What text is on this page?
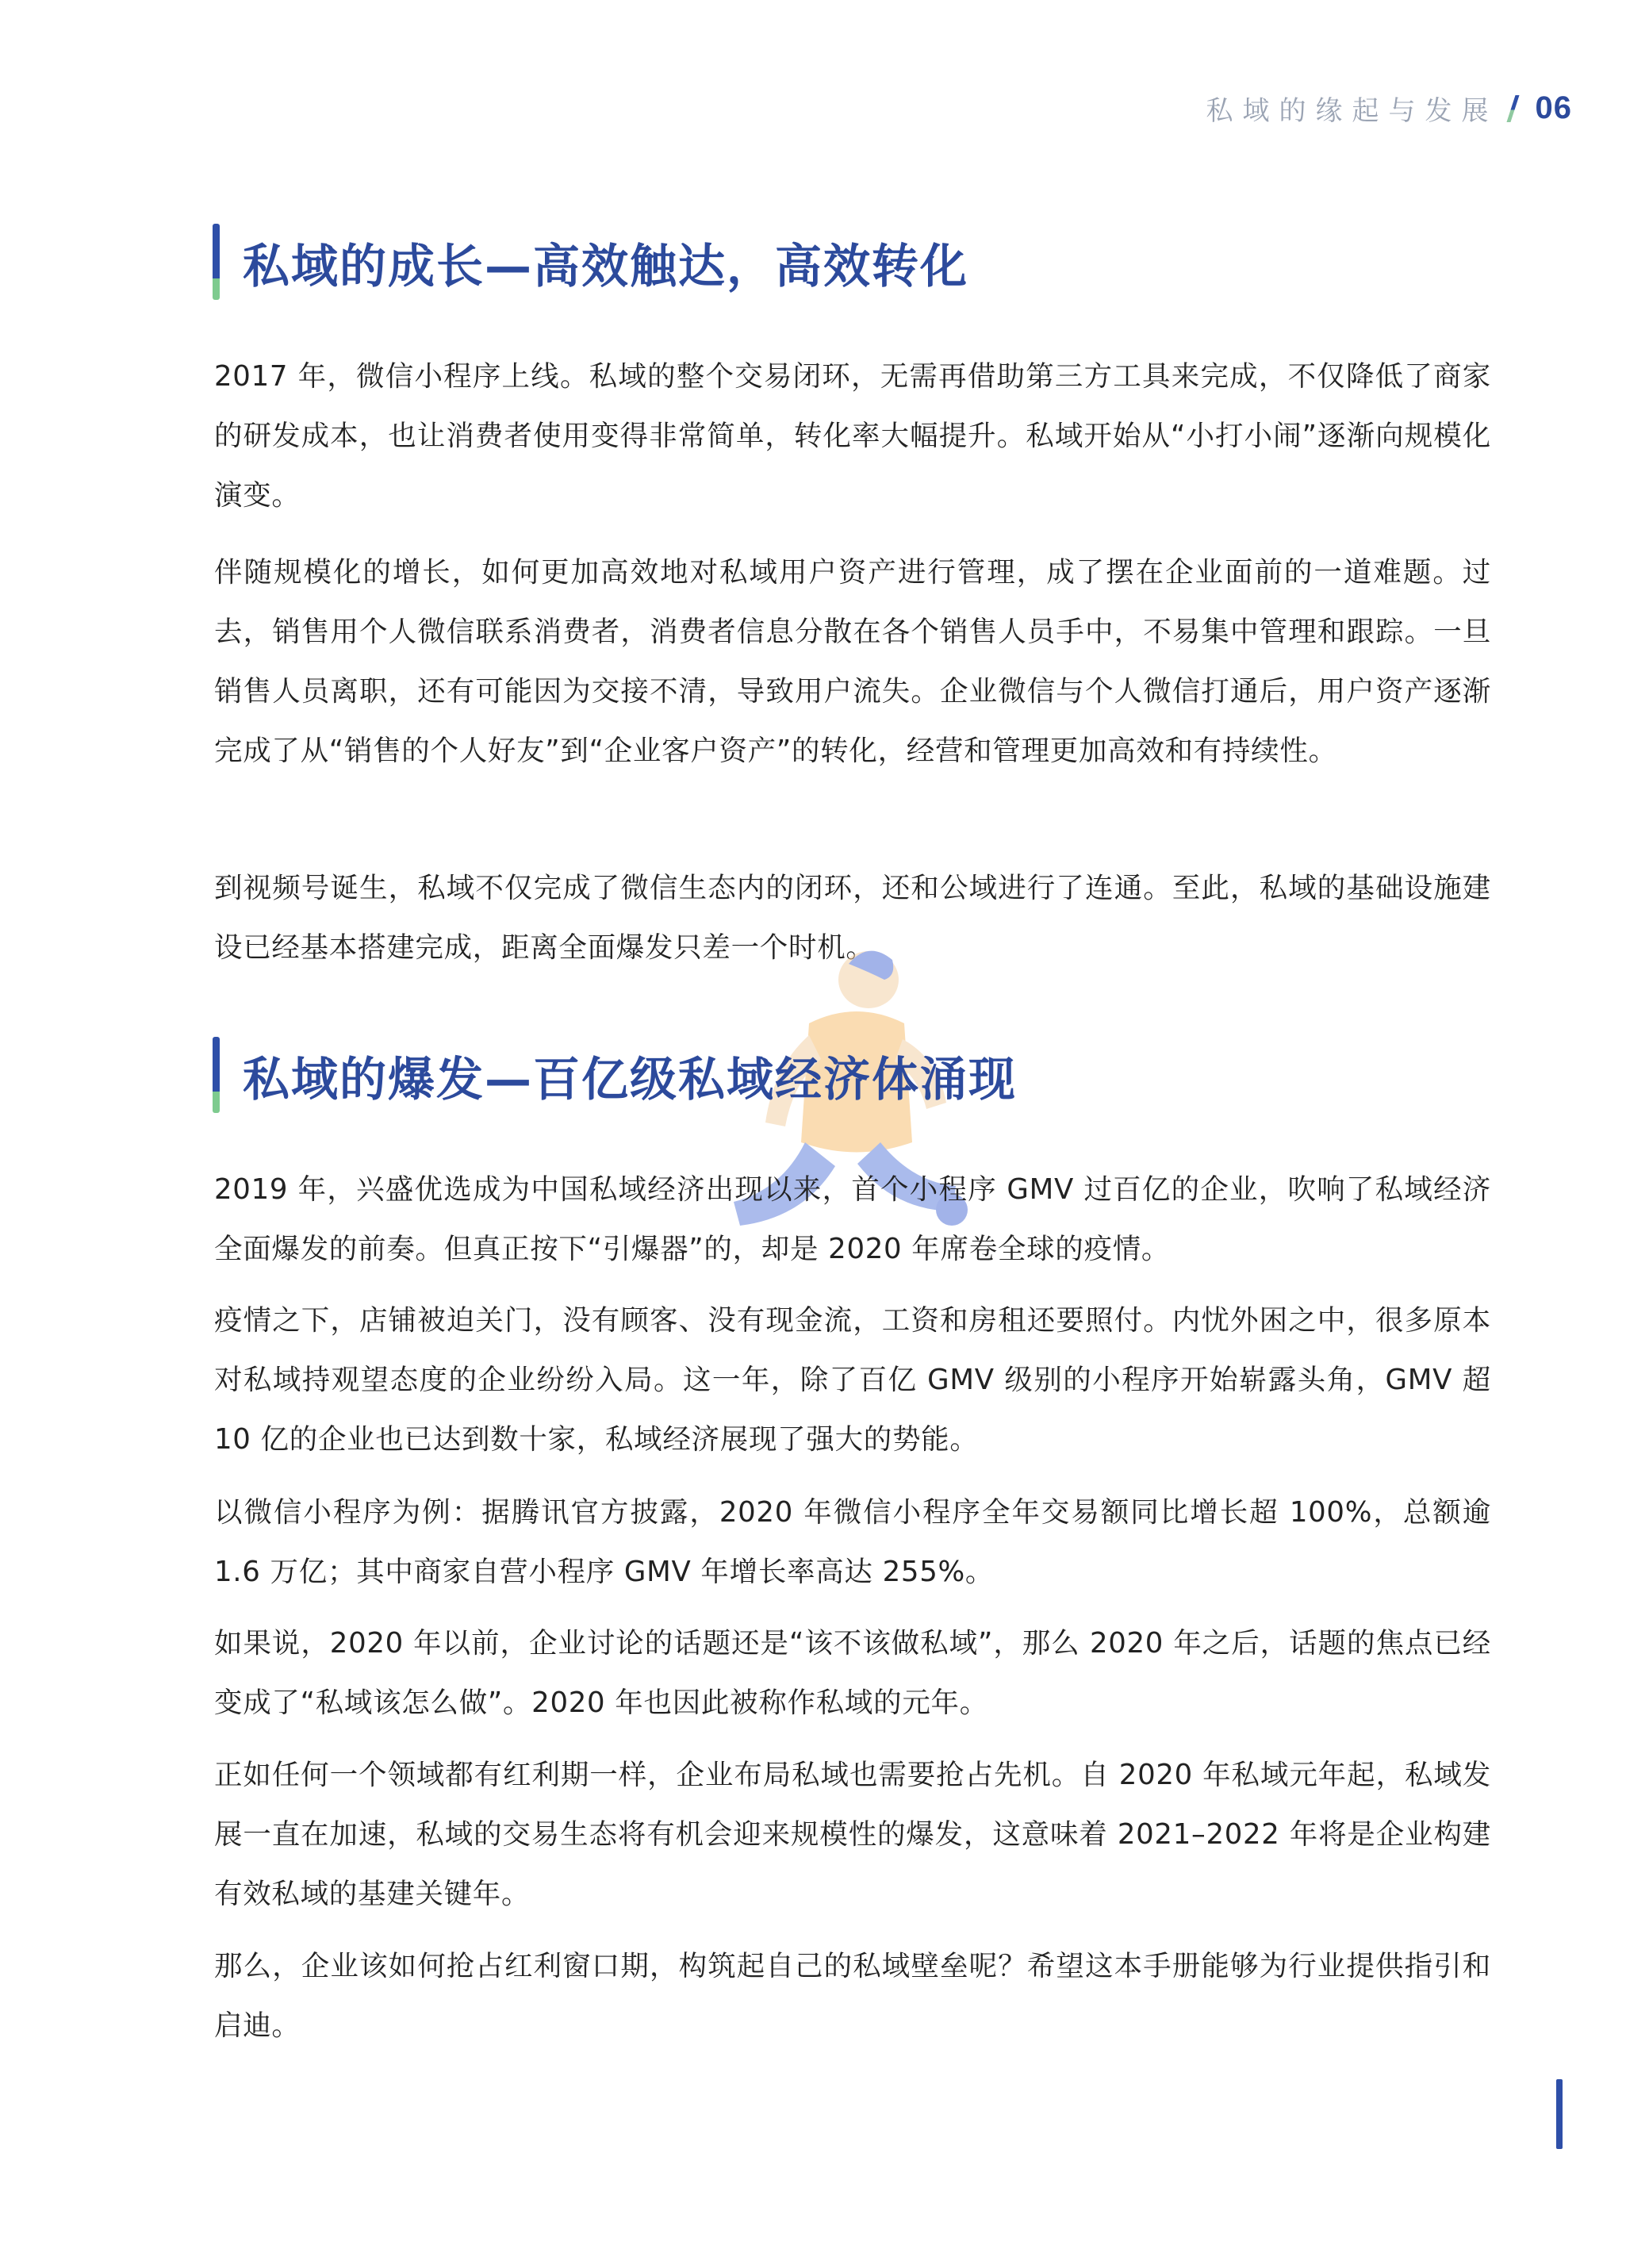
私域的缘起与发展 06
私域的成长—高效触达，高效转化

2017 年，微信小程序上线。私域的整个交易闭环，无需再借助第三方工具来完成，不仅降低了商家的研发成本，也让消费者使用变得非常简单，转化率大幅提升。私域开始从“小打小闹”逐渐向规模化演变。

伴随规模化的增长，如何更加高效地对私域用户资产进行管理，成了摆在企业面前的一道难题。过去，销售用个人微信联系消费者，消费者信息分散在各个销售人员手中，不易集中管理和跟踪。一旦销售人员离职，还有可能因为交接不清，导致用户流失。企业微信与个人微信打通后，用户资产逐渐完成了从“销售的个人好友”到“企业客户资产”的转化，经营和管理更加高效和有持续性。

到视频号诞生，私域不仅完成了微信生态内的闭环，还和公域进行了连通。至此，私域的基础设施建设已经基本搭建完成，距离全面爆发只差一个时机。

私域的爆发—百亿级私域经济体涌现

2019 年，兴盛优选成为中国私域经济出现以来，首个小程序 GMV 过百亿的企业，吹响了私域经济全面爆发的前奏。但真正按下“引爆器”的，却是 2020 年席卷全球的疫情。

疫情之下，店铺被迫关门，没有顾客、没有现金流，工资和房租还要照付。内忧外困之中，很多原本对私域持观望态度的企业纷纷入局。这一年，除了百亿 GMV 级别的小程序开始崭露头角，GMV 超 10 亿的企业也已达到数十家，私域经济展现了强大的势能。

以微信小程序为例：据腾讯官方披露，2020 年微信小程序全年交易额同比增长超 100%，总额逾 1.6 万亿；其中商家自营小程序 GMV 年增长率高达 255%。

如果说，2020 年以前，企业讨论的话题还是“该不该做私域”，那么 2020 年之后，话题的焦点已经变成了“私域该怎么做”。2020 年也因此被称作私域的元年。

正如任何一个领域都有红利期一样，企业布局私域也需要抢占先机。自 2020 年私域元年起，私域发展一直在加速，私域的交易生态将有机会迎来规模性的爆发，这意味着 2021–2022 年将是企业构建有效私域的基建关键年。

那么，企业该如何抢占红利窗口期，构筑起自己的私域壁垒呢？希望这本手册能够为行业提供指引和启迪。
